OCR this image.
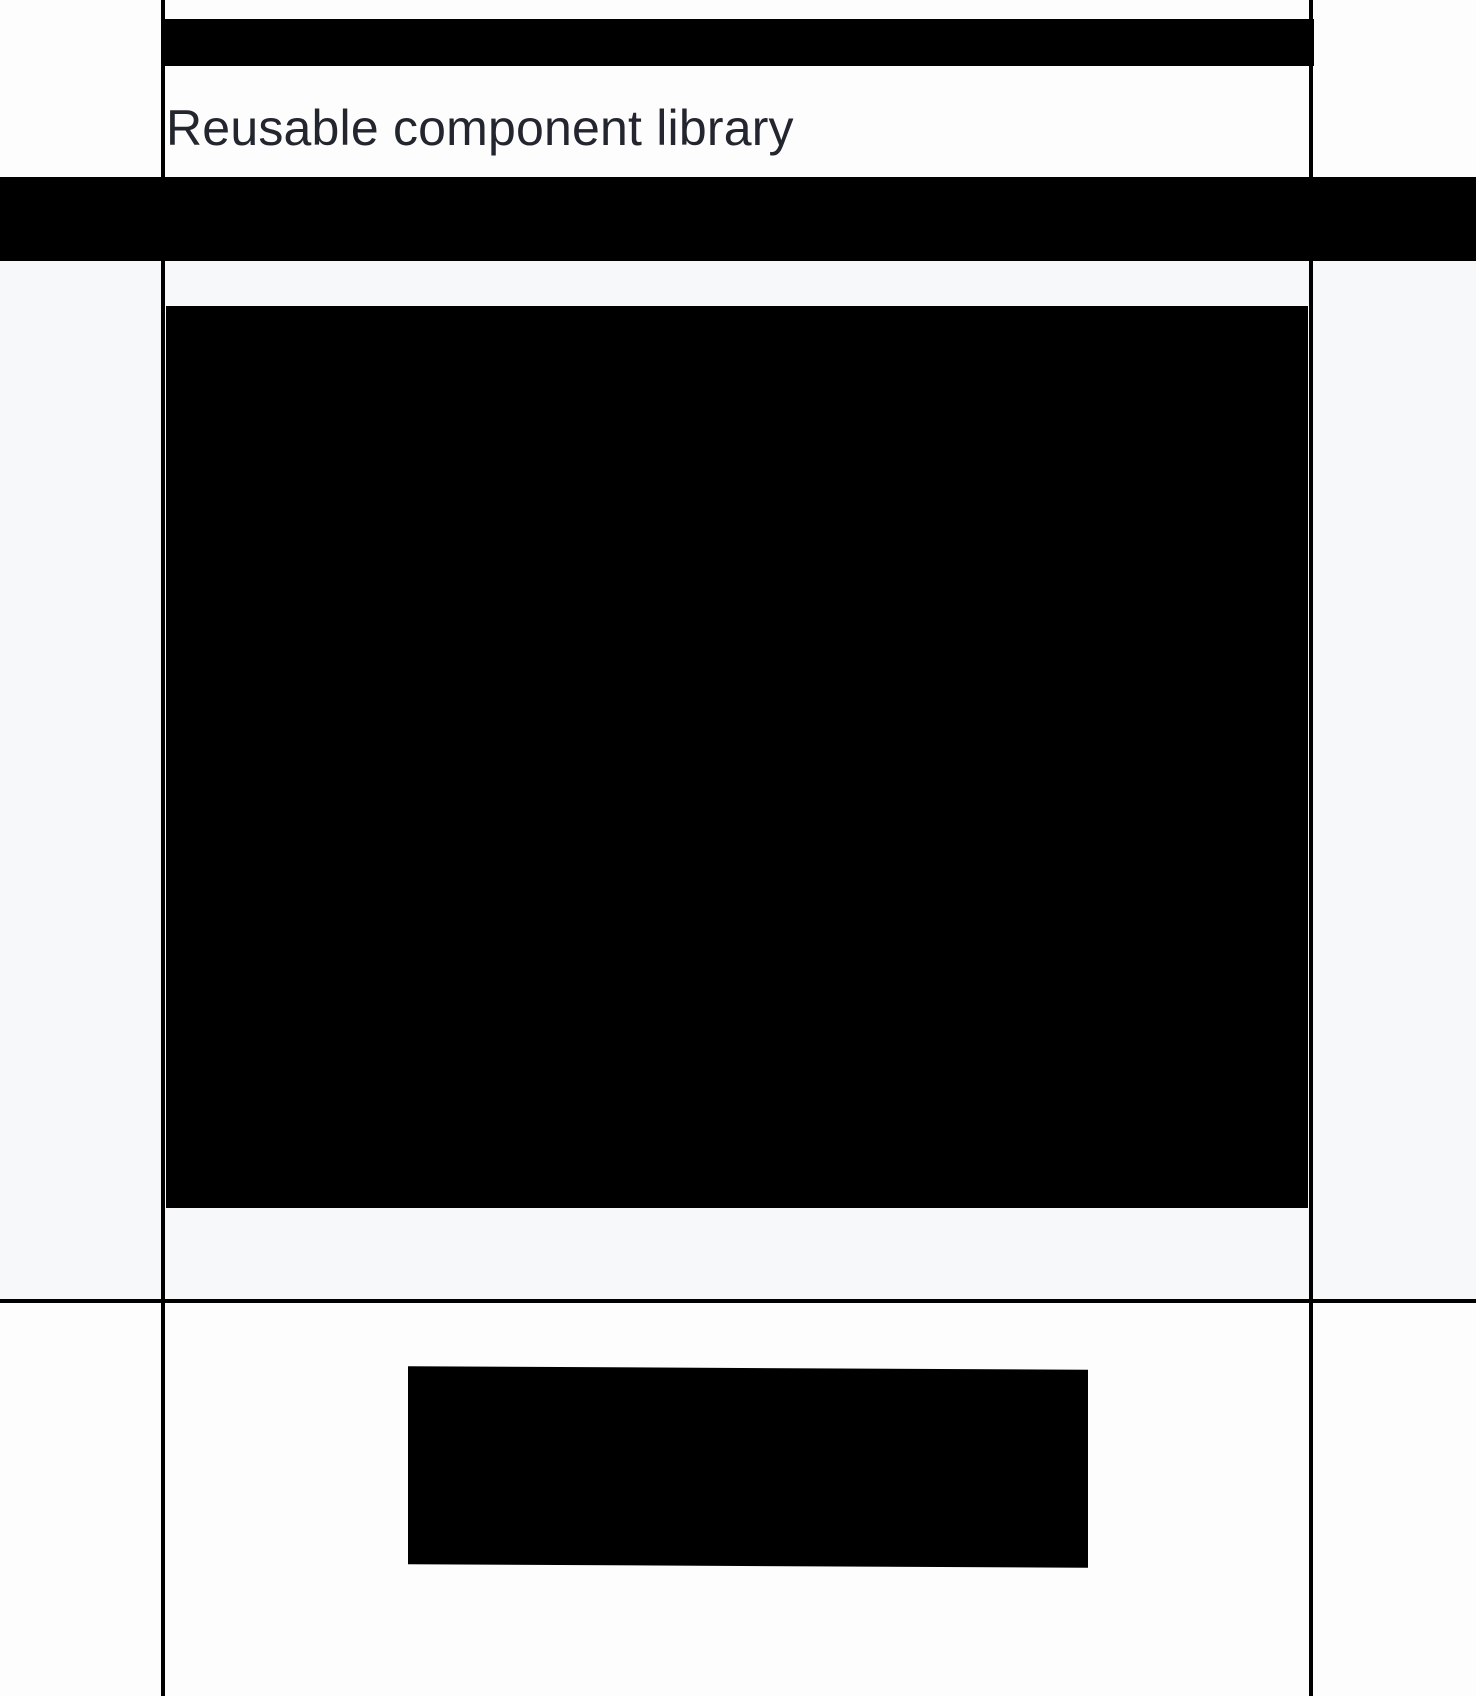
Reusable component library
